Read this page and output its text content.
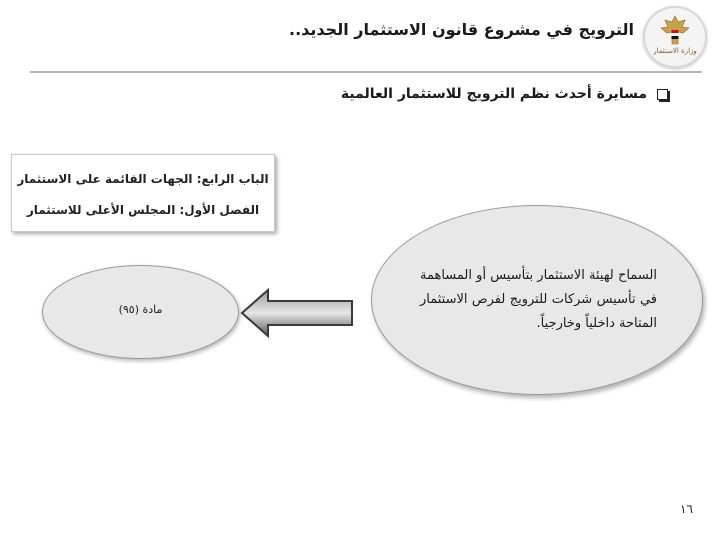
وزارة الاستثمار
الترويج في مشروع قانون الاستثمار الجديد..
مسايرة أحدث نظم الترويج للاستثمار العالمية
الباب الرابع: الجهات القائمة على الاستثمار
الفصل الأول: المجلس الأعلى للاستثمار
السماح لهيئة الاستثمار بتأسيس أو المساهمة في تأسيس شركات للترويج لفرص الاستثمار المتاحة داخلياً وخارجياً.
مادة (٩٥)
١٦
